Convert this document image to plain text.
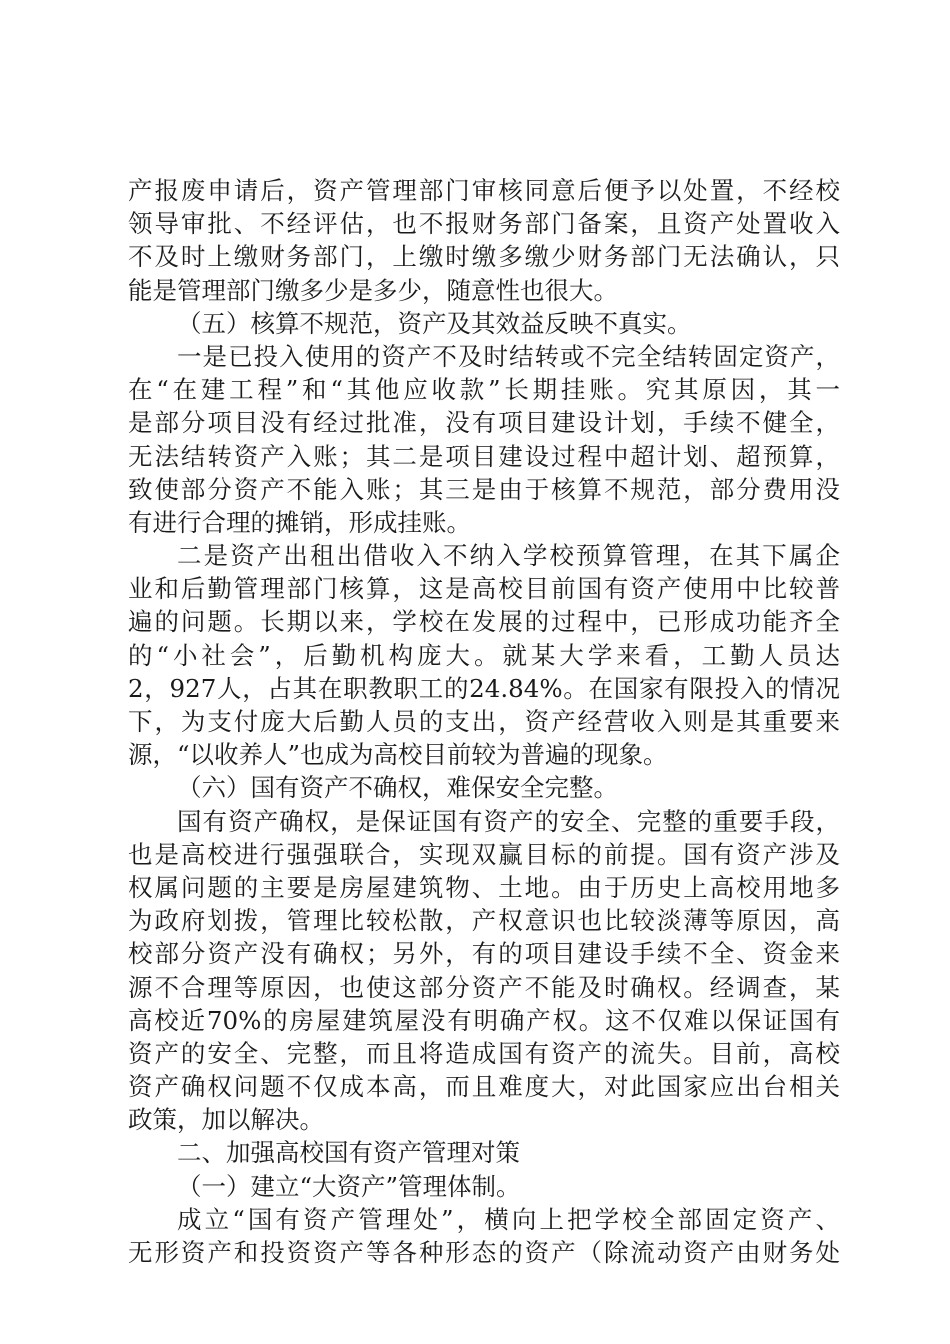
产报废申请后，资产管理部门审核同意后便予以处置，不经校
领导审批、不经评估，也不报财务部门备案，且资产处置收入
不及时上缴财务部门，上缴时缴多缴少财务部门无法确认，只
能是管理部门缴多少是多少，随意性也很大。
（五）核算不规范，资产及其效益反映不真实。
一是已投入使用的资产不及时结转或不完全结转固定资产，
在“在建工程”和“其他应收款”长期挂账。究其原因，其一
是部分项目没有经过批准，没有项目建设计划，手续不健全，
无法结转资产入账；其二是项目建设过程中超计划、超预算，
致使部分资产不能入账；其三是由于核算不规范，部分费用没
有进行合理的摊销，形成挂账。
二是资产出租出借收入不纳入学校预算管理，在其下属企
业和后勤管理部门核算，这是高校目前国有资产使用中比较普
遍的问题。长期以来，学校在发展的过程中，已形成功能齐全
的“小社会”，后勤机构庞大。就某大学来看，工勤人员达
2，927人，占其在职教职工的24.84%。在国家有限投入的情况
下，为支付庞大后勤人员的支出，资产经营收入则是其重要来
源，“以收养人”也成为高校目前较为普遍的现象。
（六）国有资产不确权，难保安全完整。
国有资产确权，是保证国有资产的安全、完整的重要手段，
也是高校进行强强联合，实现双赢目标的前提。国有资产涉及
权属问题的主要是房屋建筑物、土地。由于历史上高校用地多
为政府划拨，管理比较松散，产权意识也比较淡薄等原因，高
校部分资产没有确权；另外，有的项目建设手续不全、资金来
源不合理等原因，也使这部分资产不能及时确权。经调查，某
高校近70%的房屋建筑屋没有明确产权。这不仅难以保证国有
资产的安全、完整，而且将造成国有资产的流失。目前，高校
资产确权问题不仅成本高，而且难度大，对此国家应出台相关
政策，加以解决。
二、加强高校国有资产管理对策
（一）建立“大资产”管理体制。
成立“国有资产管理处”，横向上把学校全部固定资产、
无形资产和投资资产等各种形态的资产（除流动资产由财务处
